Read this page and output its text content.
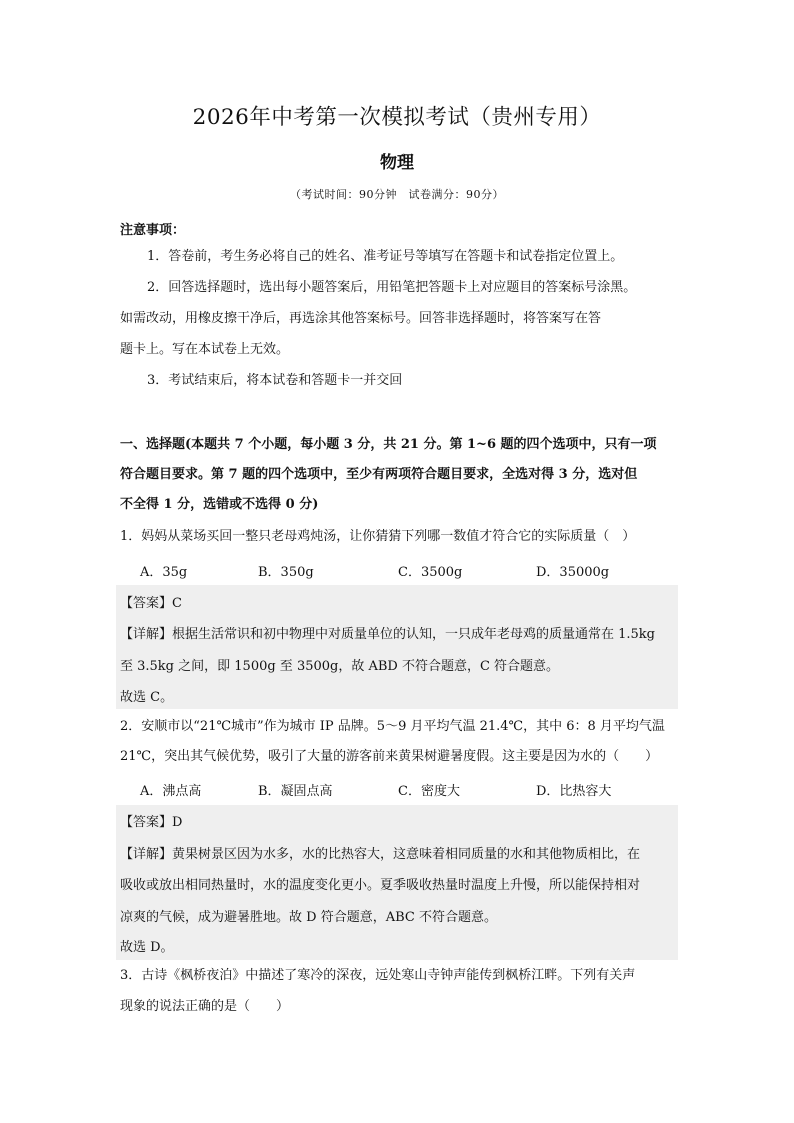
2026年中考第一次模拟考试（贵州专用）
物理
（考试时间：90分钟　试卷满分：90分）
注意事项：
1．答卷前，考生务必将自己的姓名、准考证号等填写在答题卡和试卷指定位置上。
2．回答选择题时，选出每小题答案后，用铅笔把答题卡上对应题目的答案标号涂黑。
如需改动，用橡皮擦干净后，再选涂其他答案标号。回答非选择题时，将答案写在答
题卡上。写在本试卷上无效。
3．考试结束后，将本试卷和答题卡一并交回
一、选择题(本题共 7 个小题，每小题 3 分，共 21 分。第 1~6 题的四个选项中，只有一项
符合题目要求。第 7 题的四个选项中，至少有两项符合题目要求，全选对得 3 分，选对但
不全得 1 分，选错或不选得 0 分)
1．妈妈从菜场买回一整只老母鸡炖汤，让你猜猜下列哪一数值才符合它的实际质量（　）
A．35g	B．350g	C．3500g	D．35000g
【答案】C
【详解】根据生活常识和初中物理中对质量单位的认知，一只成年老母鸡的质量通常在 1.5kg
至 3.5kg 之间，即 1500g 至 3500g，故 ABD 不符合题意，C 符合题意。
故选 C。
2．安顺市以“21℃城市”作为城市 IP 品牌。5～9 月平均气温 21.4℃，其中 6：8 月平均气温
21℃，突出其气候优势，吸引了大量的游客前来黄果树避暑度假。这主要是因为水的（　　）
A．沸点高	B．凝固点高	C．密度大	D．比热容大
【答案】D
【详解】黄果树景区因为水多，水的比热容大，这意味着相同质量的水和其他物质相比，在
吸收或放出相同热量时，水的温度变化更小。夏季吸收热量时温度上升慢，所以能保持相对
凉爽的气候，成为避暑胜地。故 D 符合题意，ABC 不符合题意。
故选 D。
3．古诗《枫桥夜泊》中描述了寒冷的深夜，远处寒山寺钟声能传到枫桥江畔。下列有关声
现象的说法正确的是（　　）
